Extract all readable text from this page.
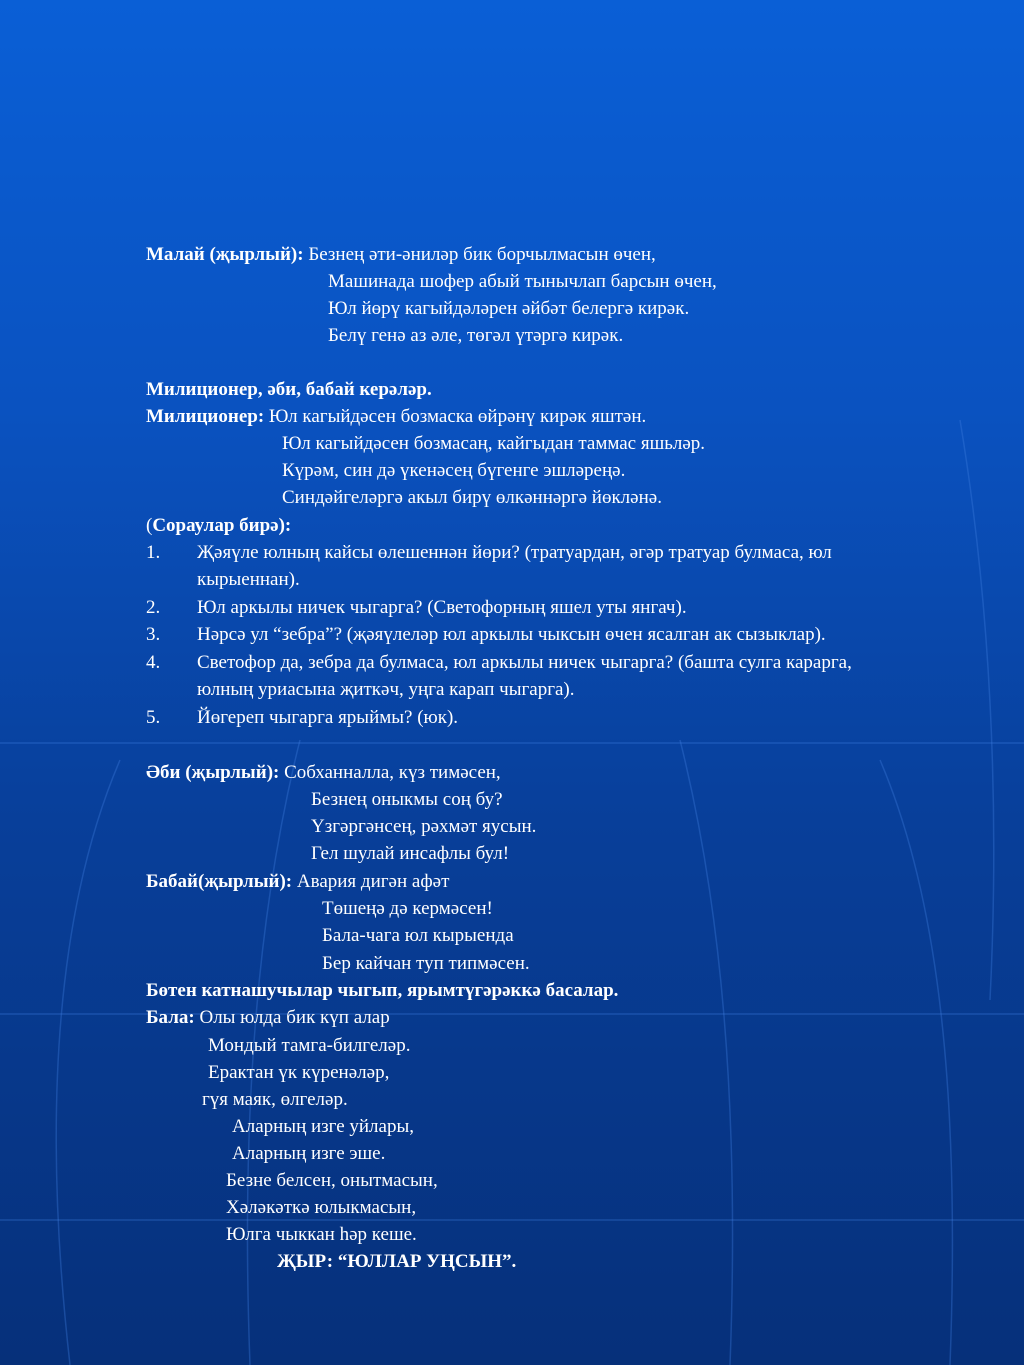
Малай (җырлый): Безнең әти-әниләр бик борчылмасын өчен,
Машинада шофер абый тынычлап барсын өчен,
Юл йөрү кагыйдәләрен әйбәт белергә кирәк.
Белү генә аз әле, төгәл үтәргә кирәк.
Милиционер, әби, бабай керәләр.
Милиционер: Юл кагыйдәсен бозмаска өйрәнү кирәк яштән.
Юл кагыйдәсен бозмасаң, кайгыдан таммас яшьләр.
Күрәм, син дә үкенәсең бүгенге эшләреңә.
Синдәйгеләргә акыл бирү өлкәннәргә йөкләнә.
(Сораулар бирә):
1. Җәяүле юлның кайсы өлешеннән йөри? (тратуардан, әгәр тратуар булмаса, юл
кырыеннан).
2. Юл аркылы ничек чыгарга? (Светофорның яшел уты янгач).
3. Нәрсә ул “зебра”? (җәяүлеләр юл аркылы чыксын өчен ясалган ак сызыклар).
4. Светофор да, зебра да булмаса, юл аркылы ничек чыгарга? (башта сулга карарга,
юлның уриасына җиткәч, уңга карап чыгарга).
5. Йөгереп чыгарга ярыймы? (юк).
Әби (җырлый): Собханналла, күз тимәсен,
Безнең оныкмы соң бу?
Үзгәргәнсең, рәхмәт яусын.
Гел шулай инсафлы бул!
Бабай(җырлый): Авария дигән афәт
Төшеңә дә кермәсен!
Бала-чага юл кырыенда
Бер кайчан туп типмәсен.
Бөтен катнашучылар чыгып, ярымтүгәрәккә басалар.
Бала: Олы юлда бик күп алар
Мондый тамга-билгеләр.
Ерактан үк күренәләр,
гүя маяк, өлгеләр.
Аларның изге уйлары,
Аларның изге эше.
Безне белсен, онытмасын,
Хәләкәткә юлыкмасын,
Юлга чыккан һәр кеше.
ҖЫР: “ЮЛЛАР УҢСЫН”.
